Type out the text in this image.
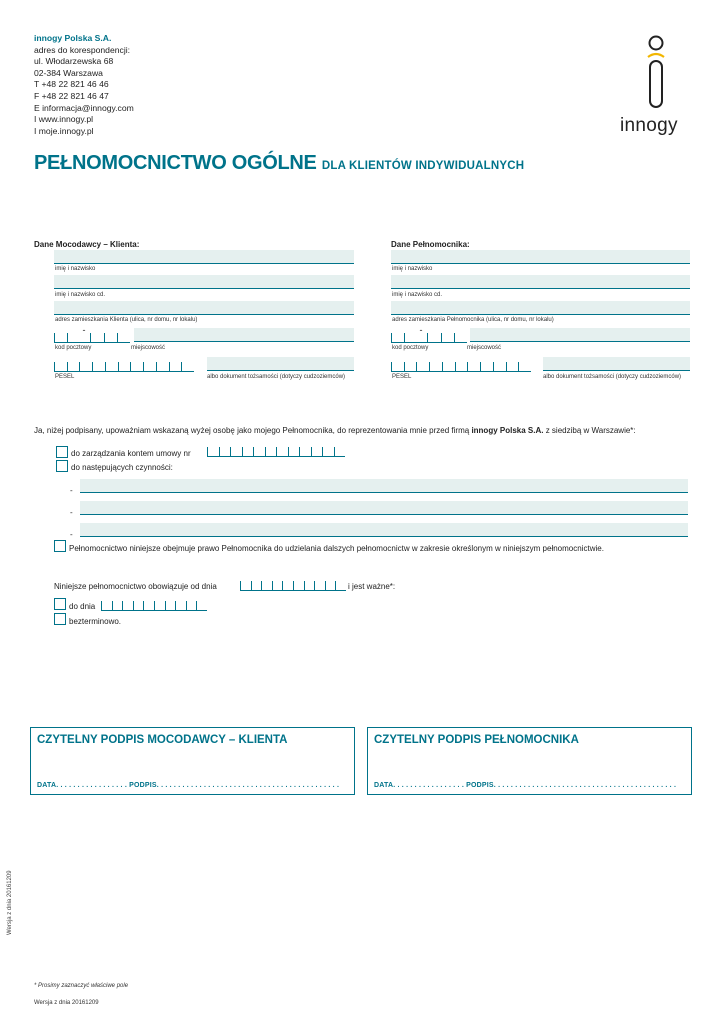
innogy Polska S.A.
adres do korespondencji:
ul. Włodarzewska 68
02-384 Warszawa
T +48 22 821 46 46
F +48 22 821 46 47
E informacja@innogy.com
I www.innogy.pl
I moje.innogy.pl	innogy
PEŁNOMOCNICTWO OGÓLNE DLA KLIENTÓW INDYWIDUALNYCH
Dane Mocodawcy – Klienta:
imię i nazwisko
imię i nazwisko cd.
adres zamieszkania Klienta (ulica, nr domu, nr lokalu)
-
kod pocztowy	miejscowość
PESEL	albo dokument tożsamości (dotyczy cudzoziemców)
Dane Pełnomocnika:
imię i nazwisko
imię i nazwisko cd.
adres zamieszkania Pełnomocnika (ulica, nr domu, nr lokalu)
-
kod pocztowy	miejscowość
PESEL	albo dokument tożsamości (dotyczy cudzoziemców)
Ja, niżej podpisany, upoważniam wskazaną wyżej osobę jako mojego Pełnomocnika, do reprezentowania mnie przed firmą innogy Polska S.A. z siedzibą w Warszawie*:
do zarządzania kontem umowy nr
do następujących czynności:
-
-
-
Pełnomocnictwo niniejsze obejmuje prawo Pełnomocnika do udzielania dalszych pełnomocnictw w zakresie określonym w niniejszym pełnomocnictwie.
Niniejsze pełnomocnictwo obowiązuje od dnia	i jest ważne*:
do dnia
bezterminowo.
CZYTELNY PODPIS MOCODAWCY – KLIENTA
DATA. . . . . . . . . . . . . . . . . PODPIS. . . . . . . . . . . . . . . . . . . . . . . . . . . . . . . . . . . . . . . . . . .
CZYTELNY PODPIS PEŁNOMOCNIKA
DATA. . . . . . . . . . . . . . . . . PODPIS. . . . . . . . . . . . . . . . . . . . . . . . . . . . . . . . . . . . . . . . . . .
Wersja z dnia 20161209
* Prosimy zaznaczyć właściwe pole
Wersja z dnia 20161209
